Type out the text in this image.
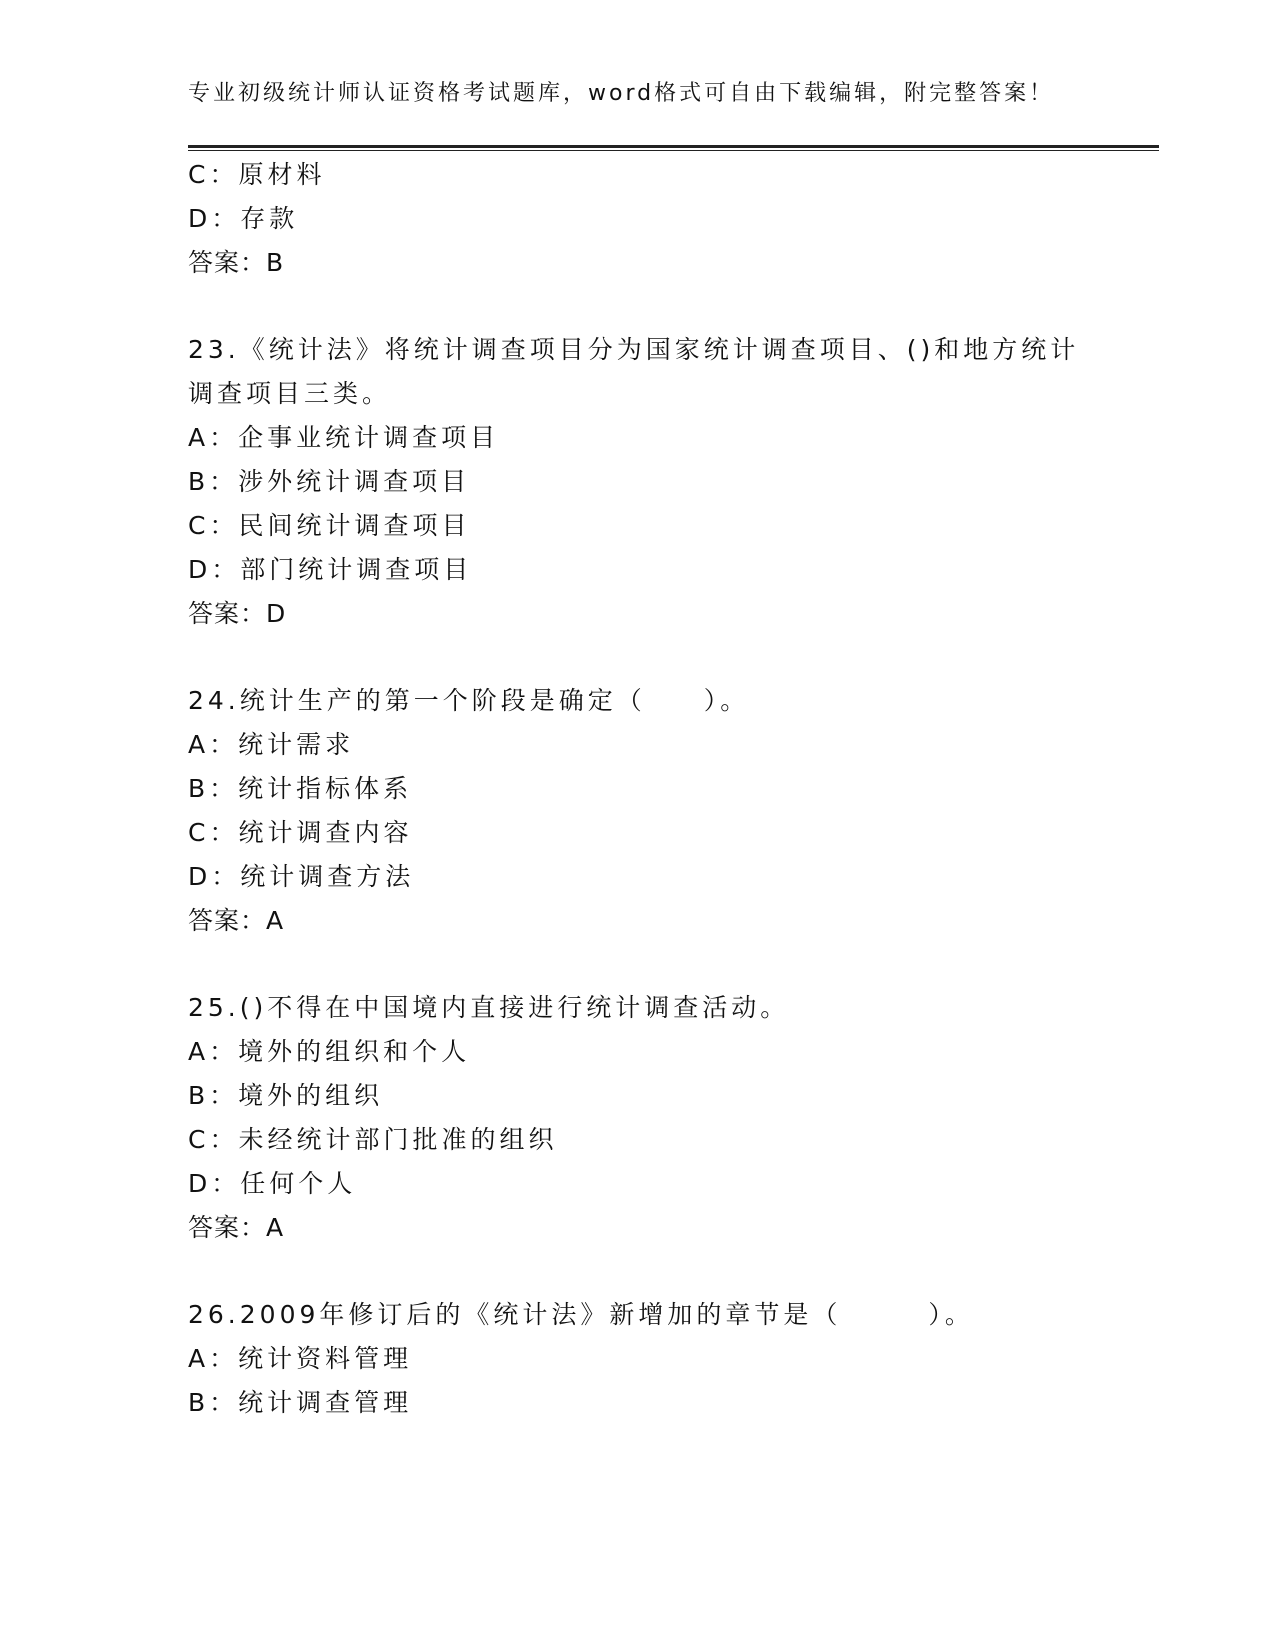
专业初级统计师认证资格考试题库，word格式可自由下载编辑，附完整答案！
C：原材料
D：存款
答案：B
23.《统计法》将统计调查项目分为国家统计调查项目、()和地方统计
调查项目三类。
A：企事业统计调查项目
B：涉外统计调查项目
C：民间统计调查项目
D：部门统计调查项目
答案：D
24.统计生产的第一个阶段是确定（　　）。
A：统计需求
B：统计指标体系
C：统计调查内容
D：统计调查方法
答案：A
25.()不得在中国境内直接进行统计调查活动。
A：境外的组织和个人
B：境外的组织
C：未经统计部门批准的组织
D：任何个人
答案：A
26.2009年修订后的《统计法》新增加的章节是（　　　）。
A：统计资料管理
B：统计调查管理
